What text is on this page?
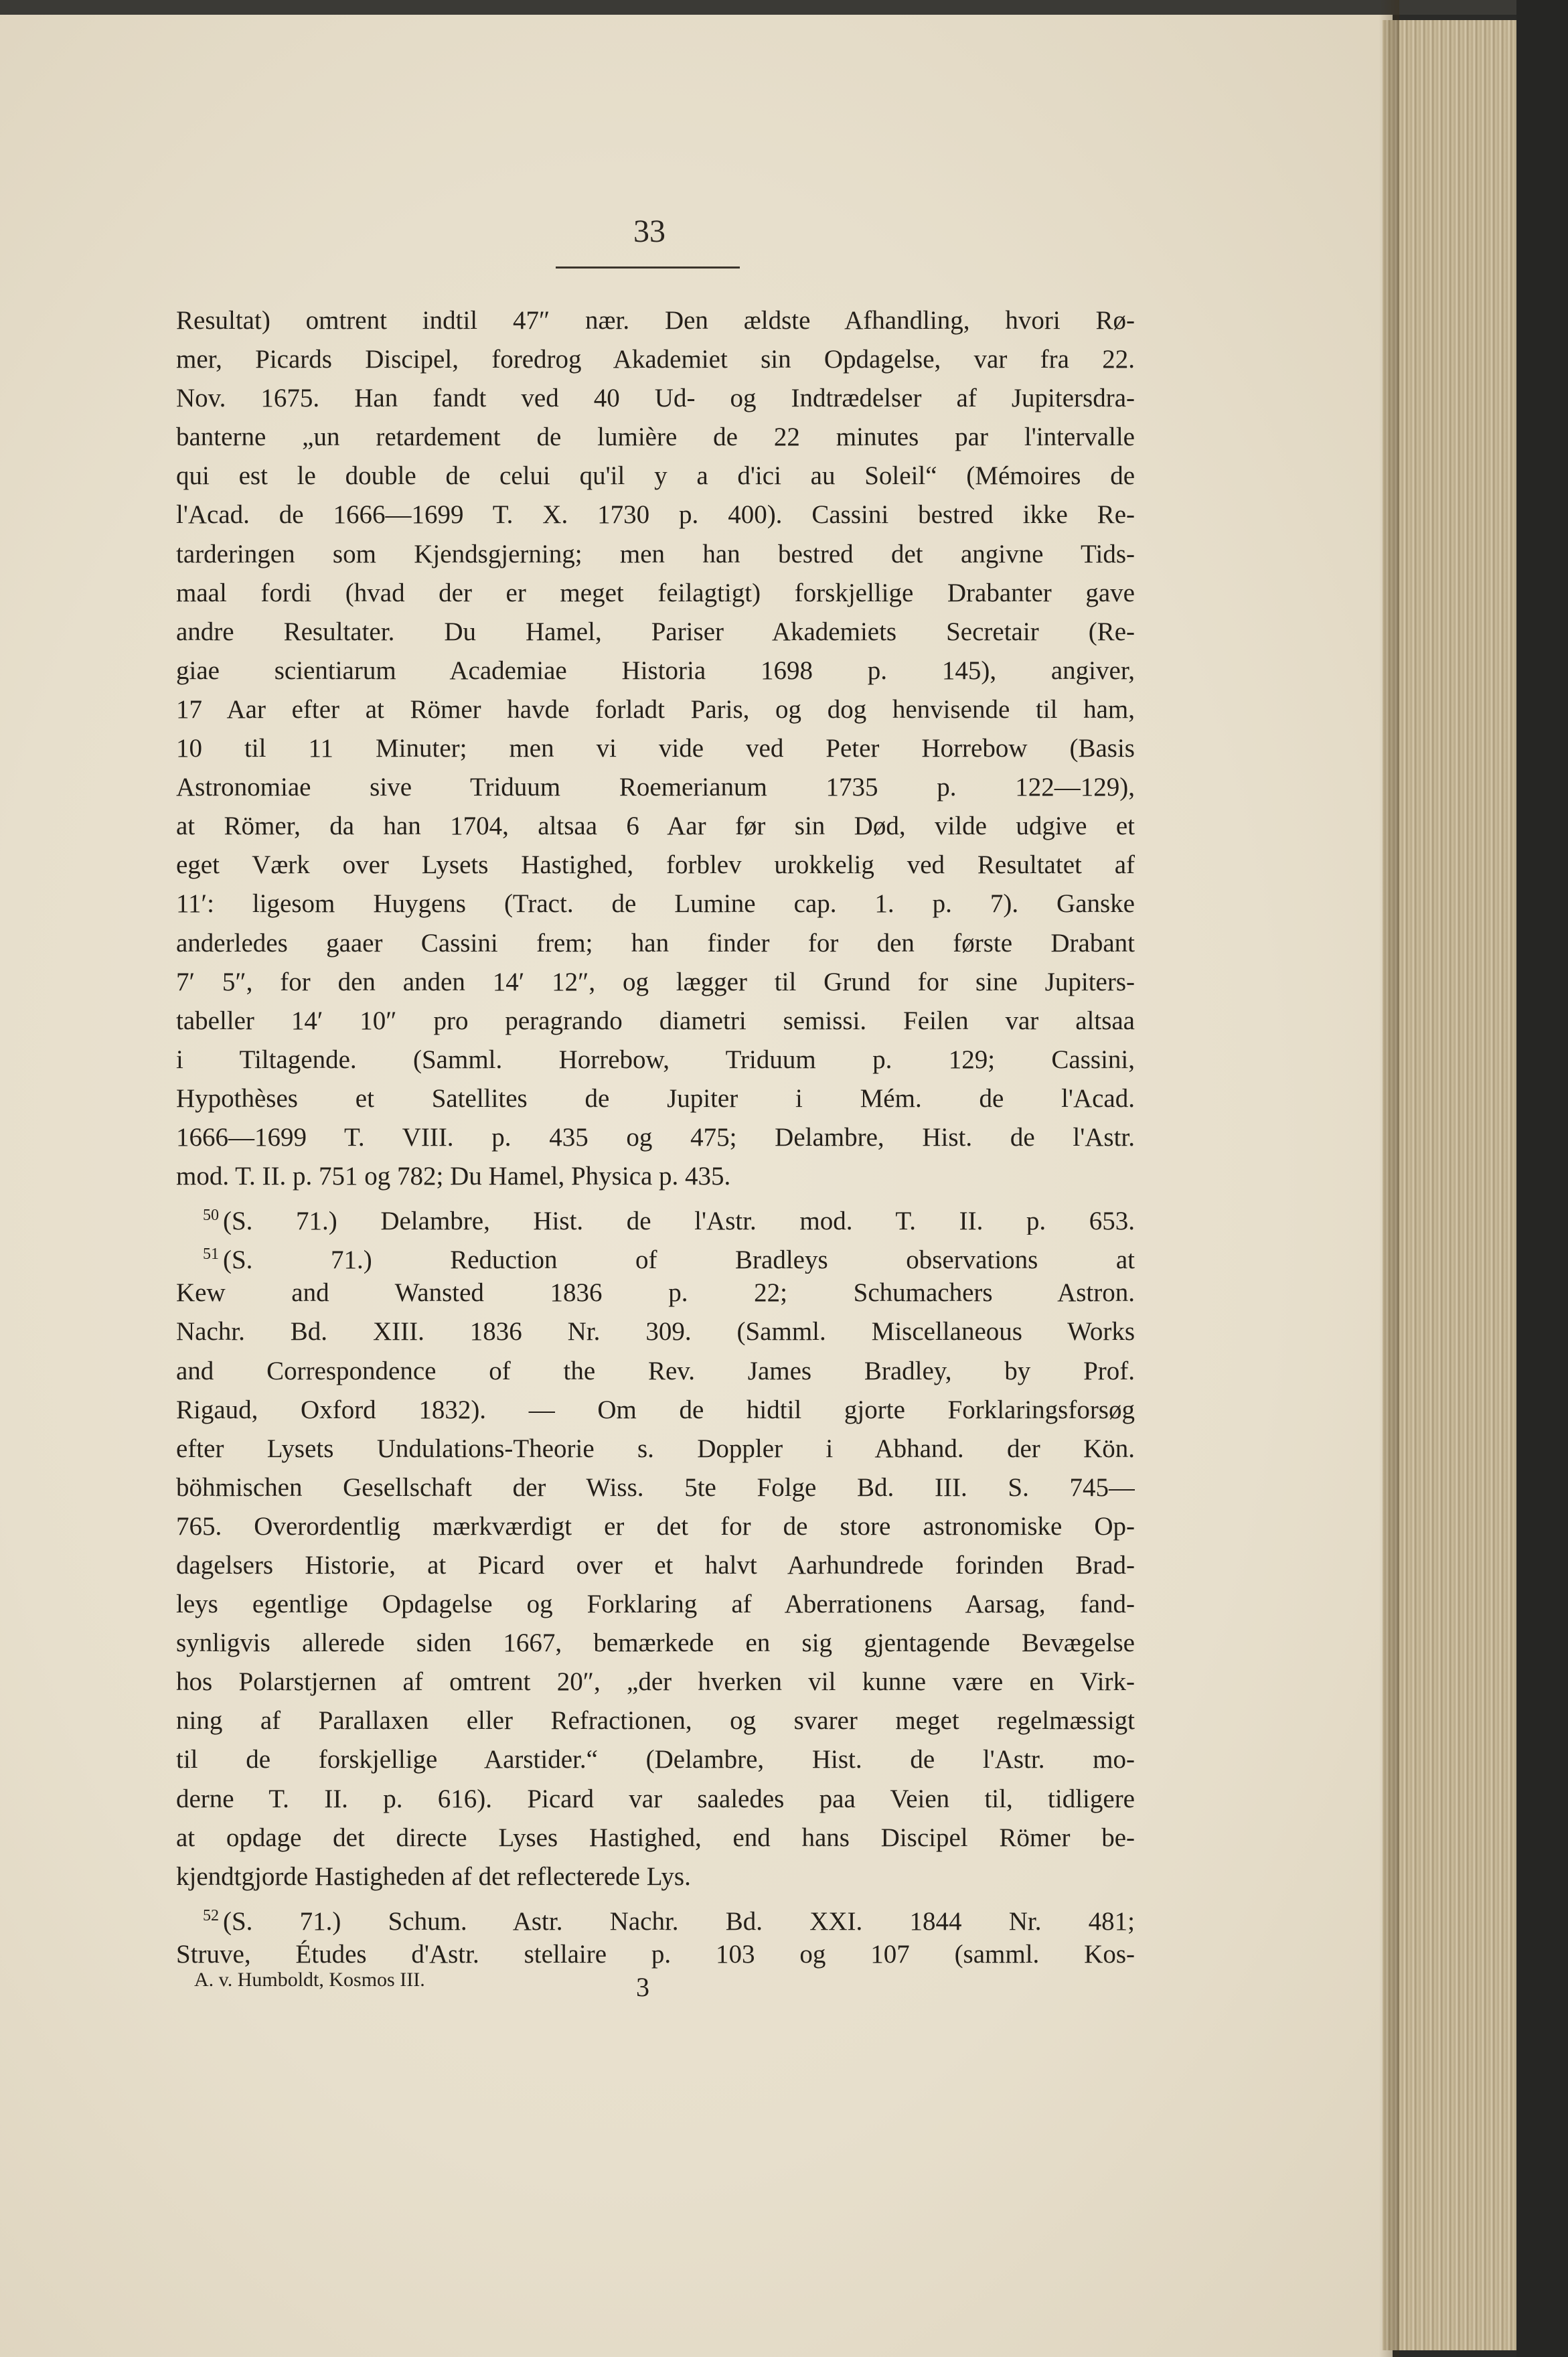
33
Resultat) omtrent indtil 47″ nær. Den ældste Afhandling, hvori Rø-
mer, Picards Discipel, foredrog Akademiet sin Opdagelse, var fra 22.
Nov. 1675. Han fandt ved 40 Ud- og Indtrædelser af Jupitersdra-
banterne „un retardement de lumière de 22 minutes par l'intervalle
qui est le double de celui qu'il y a d'ici au Soleil“ (Mémoires de
l'Acad. de 1666—1699 T. X. 1730 p. 400). Cassini bestred ikke Re-
tarderingen som Kjendsgjerning; men han bestred det angivne Tids-
maal fordi (hvad der er meget feilagtigt) forskjellige Drabanter gave
andre Resultater. Du Hamel, Pariser Akademiets Secretair (Re-
giae scientiarum Academiae Historia 1698 p. 145), angiver,
17 Aar efter at Römer havde forladt Paris, og dog henvisende til ham,
10 til 11 Minuter; men vi vide ved Peter Horrebow (Basis
Astronomiae sive Triduum Roemerianum 1735 p. 122—129),
at Römer, da han 1704, altsaa 6 Aar før sin Død, vilde udgive et
eget Værk over Lysets Hastighed, forblev urokkelig ved Resultatet af
11′: ligesom Huygens (Tract. de Lumine cap. 1. p. 7). Ganske
anderledes gaaer Cassini frem; han finder for den første Drabant
7′ 5″, for den anden 14′ 12″, og lægger til Grund for sine Jupiters-
tabeller 14′ 10″ pro peragrando diametri semissi. Feilen var altsaa
i Tiltagende. (Samml. Horrebow, Triduum p. 129; Cassini,
Hypothèses et Satellites de Jupiter i Mém. de l'Acad.
1666—1699 T. VIII. p. 435 og 475; Delambre, Hist. de l'Astr.
mod. T. II. p. 751 og 782; Du Hamel, Physica p. 435.
$^{50}$ (S. 71.) Delambre, Hist. de l'Astr. mod. T. II. p. 653.
$^{51}$ (S. 71.) Reduction of Bradleys observations at
Kew and Wansted 1836 p. 22; Schumachers Astron.
Nachr. Bd. XIII. 1836 Nr. 309. (Samml. Miscellaneous Works
and Correspondence of the Rev. James Bradley, by Prof.
Rigaud, Oxford 1832). — Om de hidtil gjorte Forklaringsforsøg
efter Lysets Undulations-Theorie s. Doppler i Abhand. der Kön.
böhmischen Gesellschaft der Wiss. 5te Folge Bd. III. S. 745—
765. Overordentlig mærkværdigt er det for de store astronomiske Op-
dagelsers Historie, at Picard over et halvt Aarhundrede forinden Brad-
leys egentlige Opdagelse og Forklaring af Aberrationens Aarsag, fand-
synligvis allerede siden 1667, bemærkede en sig gjentagende Bevægelse
hos Polarstjernen af omtrent 20″, „der hverken vil kunne være en Virk-
ning af Parallaxen eller Refractionen, og svarer meget regelmæssigt
til de forskjellige Aarstider.“ (Delambre, Hist. de l'Astr. mo-
derne T. II. p. 616). Picard var saaledes paa Veien til, tidligere
at opdage det directe Lyses Hastighed, end hans Discipel Römer be-
kjendtgjorde Hastigheden af det reflecterede Lys.
$^{52}$ (S. 71.) Schum. Astr. Nachr. Bd. XXI. 1844 Nr. 481;
Struve, Études d'Astr. stellaire p. 103 og 107 (samml. Kos-
A. v. Humboldt, Kosmos III.	3
